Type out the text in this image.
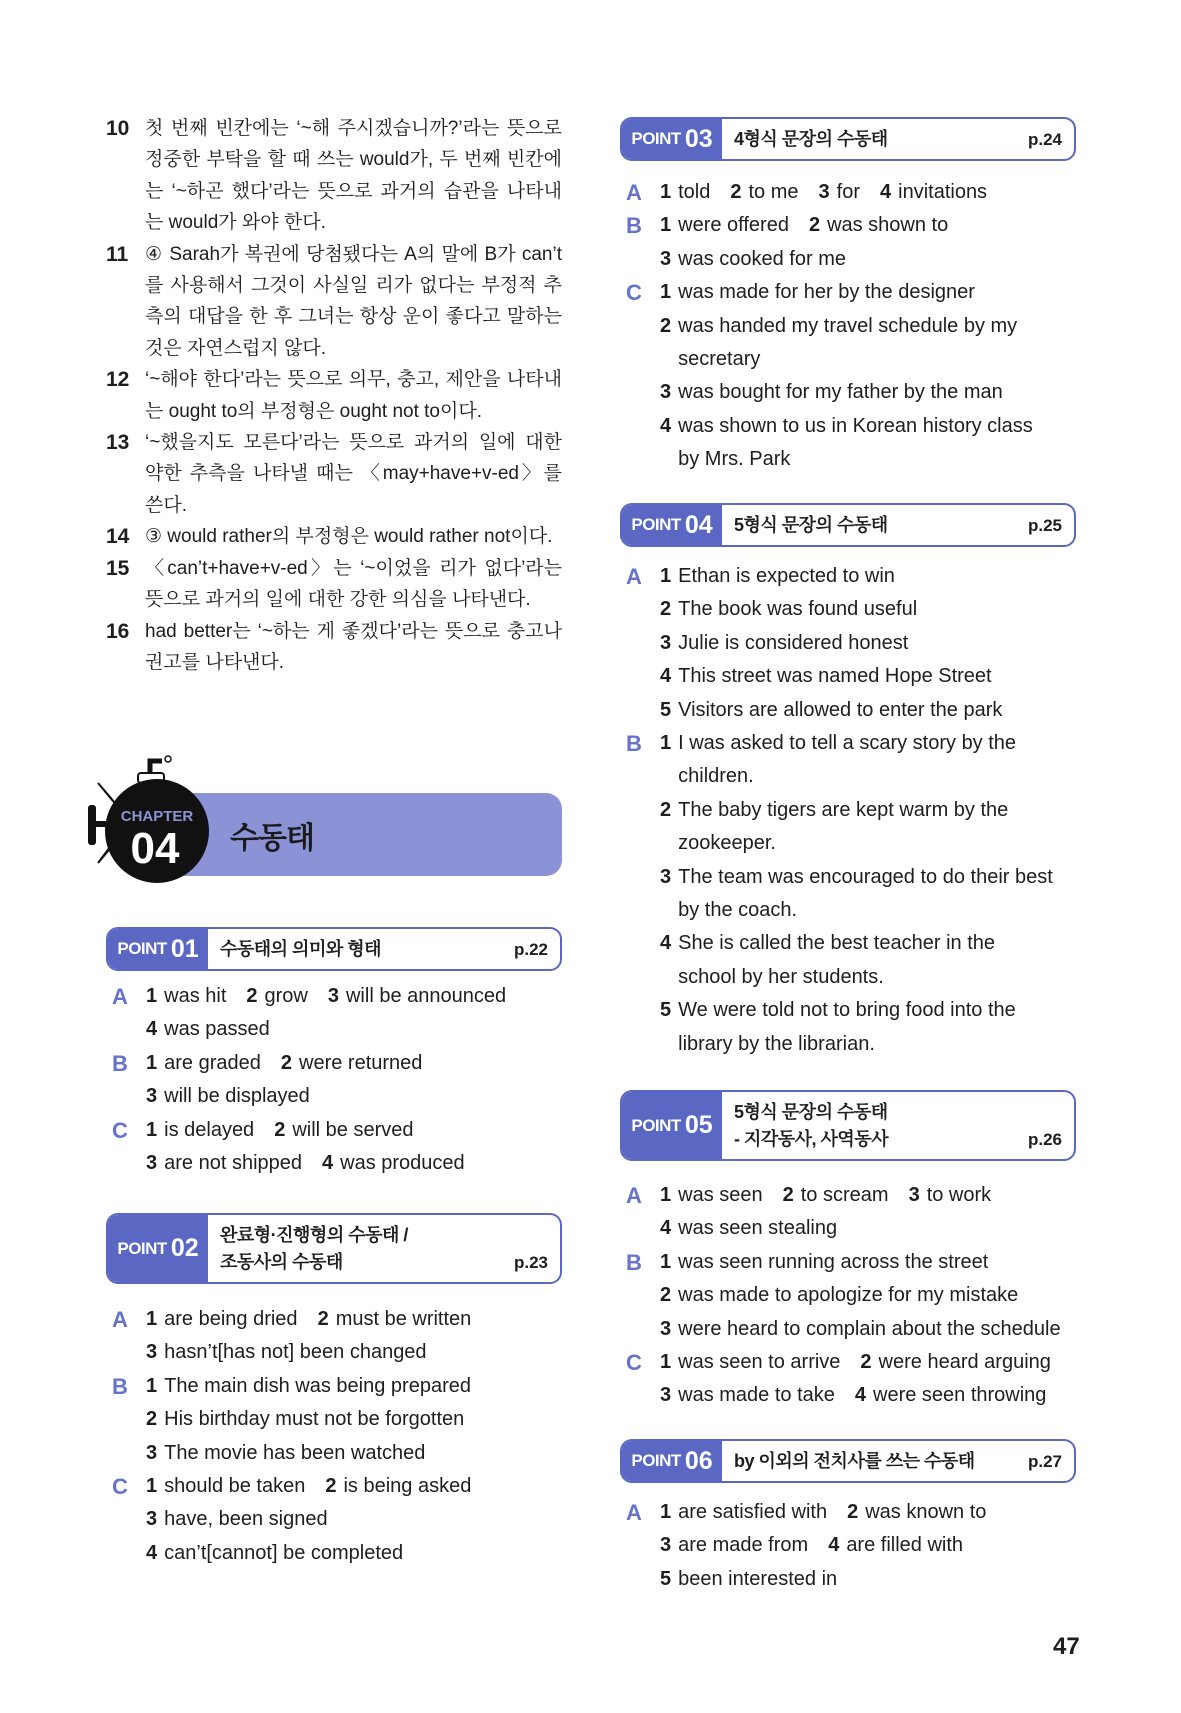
10 첫 번째 빈칸에는 ‘~해 주시겠습니까?’라는 뜻으로 정중한 부탁을 할 때 쓰는 would가, 두 번째 빈칸에는 ‘~하곤 했다’라는 뜻으로 과거의 습관을 나타내는 would가 와야 한다.
11 ④ Sarah가 복권에 당첨됐다는 A의 말에 B가 can’t를 사용해서 그것이 사실일 리가 없다는 부정적 추측의 대답을 한 후 그녀는 항상 운이 좋다고 말하는 것은 자연스럽지 않다.
12 ‘~해야 한다’라는 뜻으로 의무, 충고, 제안을 나타내는 ought to의 부정형은 ought not to이다.
13 ‘~했을지도 모른다’라는 뜻으로 과거의 일에 대한 약한 추측을 나타낼 때는 〈may+have+v-ed〉를 쓴다.
14 ③ would rather의 부정형은 would rather not이다.
15 〈can’t+have+v-ed〉는 ‘~이었을 리가 없다’라는 뜻으로 과거의 일에 대한 강한 의심을 나타낸다.
16 had better는 ‘~하는 게 좋겠다’라는 뜻으로 충고나 권고를 나타낸다.
수동태
CHAPTER
04
POINT 01 수동태의 의미와 형태	p.22
A 1 was hit 2 grow 3 will be announced
4 was passed
B 1 are graded 2 were returned
3 will be displayed
C 1 is delayed 2 will be served
3 are not shipped 4 was produced
POINT 02 완료형·진행형의 수동태 /
조동사의 수동태	p.23
A 1 are being dried 2 must be written
3 hasn’t[has not] been changed
B 1 The main dish was being prepared
2 His birthday must not be forgotten
3 The movie has been watched
C 1 should be taken 2 is being asked
3 have, been signed
4 can’t[cannot] be completed
POINT 03 4형식 문장의 수동태	p.24
A 1 told 2 to me 3 for 4 invitations
B 1 were offered 2 was shown to
3 was cooked for me
C 1 was made for her by the designer
2 was handed my travel schedule by my
secretary
3 was bought for my father by the man
4 was shown to us in Korean history class
by Mrs. Park
POINT 04 5형식 문장의 수동태	p.25
A 1 Ethan is expected to win
2 The book was found useful
3 Julie is considered honest
4 This street was named Hope Street
5 Visitors are allowed to enter the park
B 1 I was asked to tell a scary story by the
children.
2 The baby tigers are kept warm by the
zookeeper.
3 The team was encouraged to do their best
by the coach.
4 She is called the best teacher in the
school by her students.
5 We were told not to bring food into the
library by the librarian.
POINT 05 5형식 문장의 수동태
- 지각동사, 사역동사	p.26
A 1 was seen 2 to scream 3 to work
4 was seen stealing
B 1 was seen running across the street
2 was made to apologize for my mistake
3 were heard to complain about the schedule
C 1 was seen to arrive 2 were heard arguing
3 was made to take 4 were seen throwing
POINT 06 by 이외의 전치사를 쓰는 수동태	p.27
A 1 are satisfied with 2 was known to
3 are made from 4 are filled with
5 been interested in
47
